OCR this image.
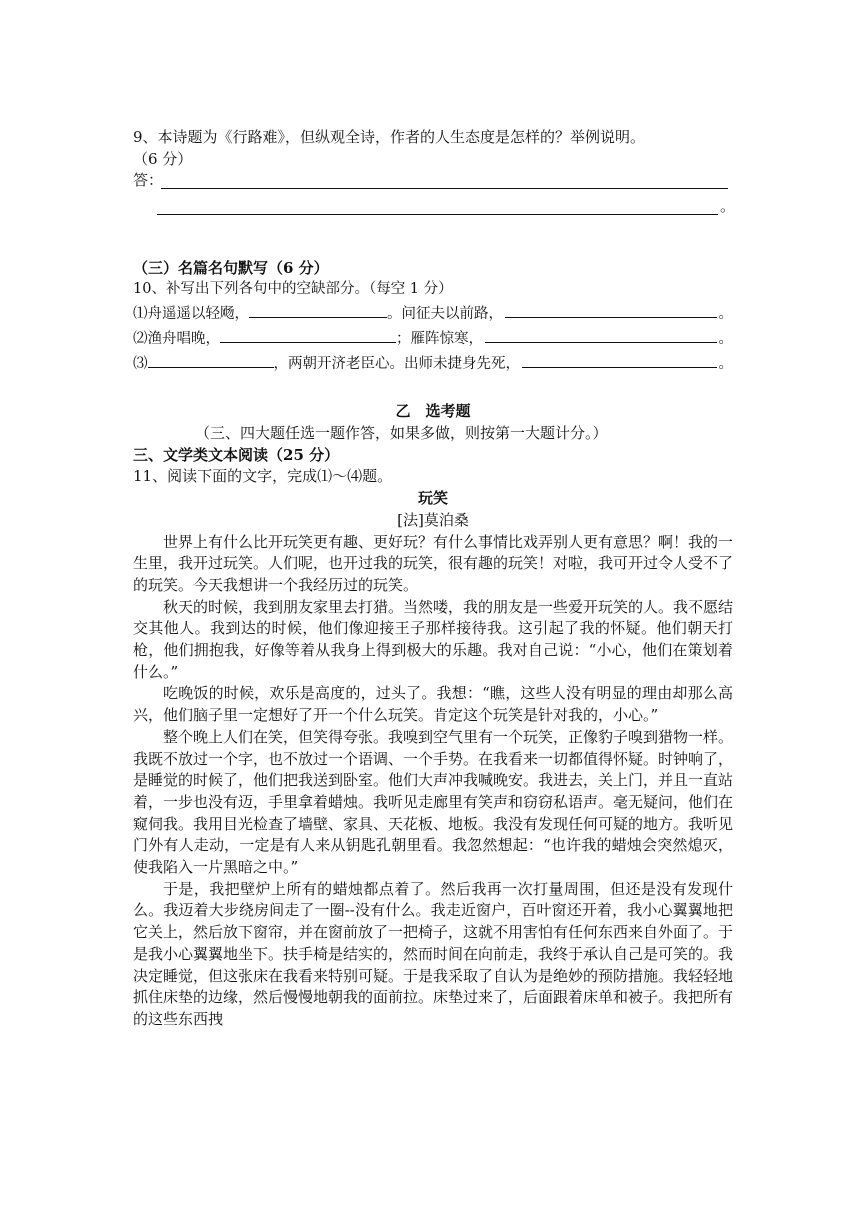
9、本诗题为《行路难》，但纵观全诗，作者的人生态度是怎样的？举例说明。
（6 分）
答：
。
（三）名篇名句默写（6 分）
10、补写出下列各句中的空缺部分。（每空 1 分）
⑴ 舟遥遥以轻飏，	。问征夫以前路，	。
⑵ 渔舟唱晚，	；雁阵惊寒，	。
⑶	，两朝开济老臣心。出师未捷身先死，	。
乙　选考题
（三、四大题任选一题作答，如果多做，则按第一大题计分。）
三、文学类文本阅读（25 分）
11、阅读下面的文字，完成⑴～⑷题。
玩笑
[法]莫泊桑
世界上有什么比开玩笑更有趣、更好玩？有什么事情比戏弄别人更有意思？啊！我的一生里，我开过玩笑。人们呢，也开过我的玩笑，很有趣的玩笑！对啦，我可开过令人受不了的玩笑。今天我想讲一个我经历过的玩笑。
秋天的时候，我到朋友家里去打猎。当然喽，我的朋友是一些爱开玩笑的人。我不愿结交其他人。我到达的时候，他们像迎接王子那样接待我。这引起了我的怀疑。他们朝天打枪，他们拥抱我，好像等着从我身上得到极大的乐趣。我对自己说：“小心，他们在策划着什么。”
吃晚饭的时候，欢乐是高度的，过头了。我想：“瞧，这些人没有明显的理由却那么高兴，他们脑子里一定想好了开一个什么玩笑。肯定这个玩笑是针对我的，小心。”
整个晚上人们在笑，但笑得夸张。我嗅到空气里有一个玩笑，正像豹子嗅到猎物一样。我既不放过一个字，也不放过一个语调、一个手势。在我看来一切都值得怀疑。时钟响了，是睡觉的时候了，他们把我送到卧室。他们大声冲我喊晚安。我进去，关上门，并且一直站着，一步也没有迈，手里拿着蜡烛。我听见走廊里有笑声和窃窃私语声。毫无疑问，他们在窥伺我。我用目光检查了墙壁、家具、天花板、地板。我没有发现任何可疑的地方。我听见门外有人走动，一定是有人来从钥匙孔朝里看。我忽然想起：“也许我的蜡烛会突然熄灭，使我陷入一片黑暗之中。”
于是，我把壁炉上所有的蜡烛都点着了。然后我再一次打量周围，但还是没有发现什么。我迈着大步绕房间走了一圈--没有什么。我走近窗户，百叶窗还开着，我小心翼翼地把它关上，然后放下窗帘，并在窗前放了一把椅子，这就不用害怕有任何东西来自外面了。于是我小心翼翼地坐下。扶手椅是结实的，然而时间在向前走，我终于承认自己是可笑的。我决定睡觉，但这张床在我看来特别可疑。于是我采取了自认为是绝妙的预防措施。我轻轻地抓住床垫的边缘，然后慢慢地朝我的面前拉。床垫过来了，后面跟着床单和被子。我把所有的这些东西拽
